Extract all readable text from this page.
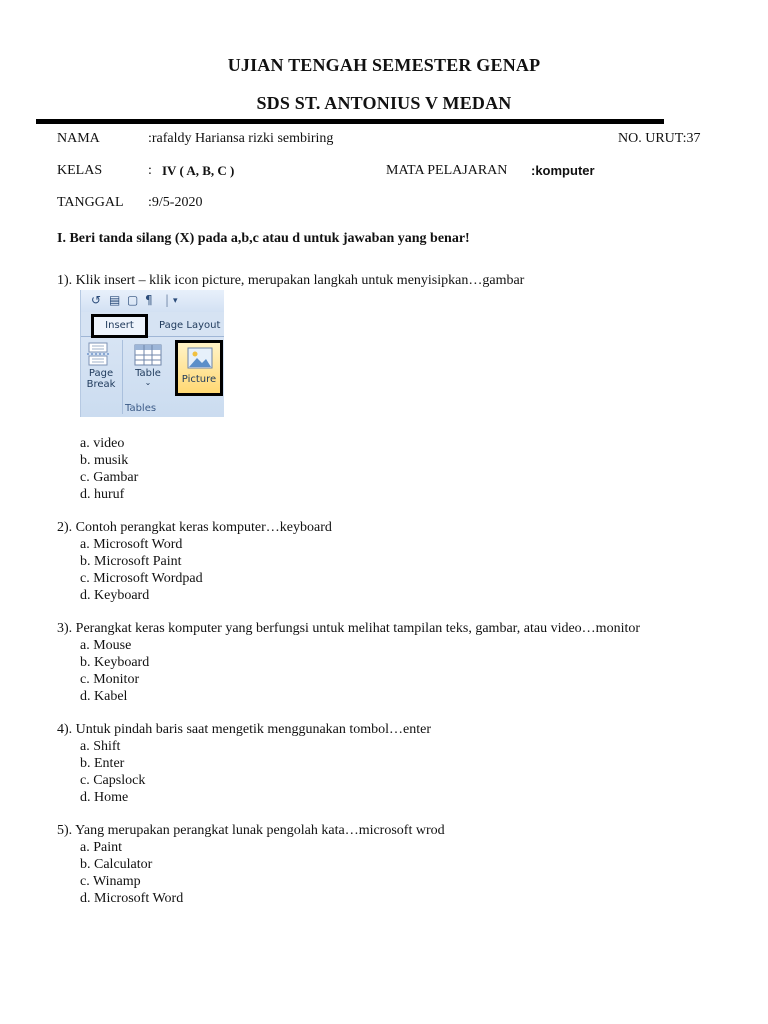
UJIAN TENGAH SEMESTER GENAP
SDS ST. ANTONIUS V MEDAN
NAMA	:rafaldy Hariansa rizki sembiring	NO. URUT:37
KELAS	: IV ( A, B, C )	MATA PELAJARAN :komputer
TANGGAL :9/5-2020
I. Beri tanda silang (X) pada a,b,c atau d untuk jawaban yang benar!
1). Klik insert – klik icon picture, merupakan langkah untuk menyisipkan…gambar
↺ ▤ ▢ ¶ | ▾
Insert	Page Layout
Page
Break
Table
⌄	Picture
Tables
a. video
b. musik
c. Gambar
d. huruf
2). Contoh perangkat keras komputer…keyboard
a. Microsoft Word
b. Microsoft Paint
c. Microsoft Wordpad
d. Keyboard
3). Perangkat keras komputer yang berfungsi untuk melihat tampilan teks, gambar, atau video…monitor
a. Mouse
b. Keyboard
c. Monitor
d. Kabel
4). Untuk pindah baris saat mengetik menggunakan tombol…enter
a. Shift
b. Enter
c. Capslock
d. Home
5). Yang merupakan perangkat lunak pengolah kata…microsoft wrod
a. Paint
b. Calculator
c. Winamp
d. Microsoft Word
